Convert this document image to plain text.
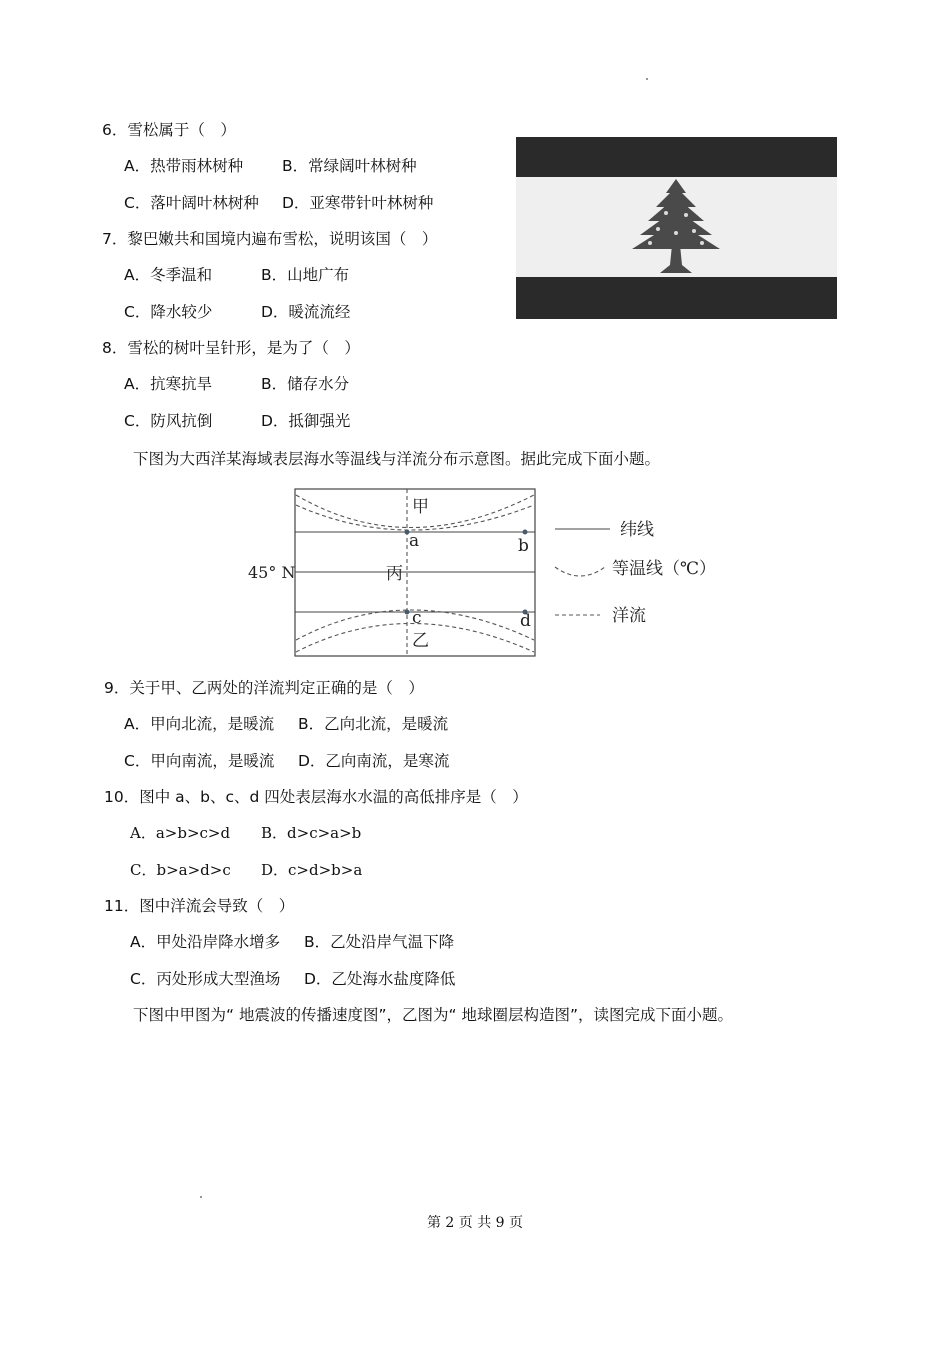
6．雪松属于（　）
A．热带雨林树种	B．常绿阔叶林树种
C．落叶阔叶林树种 D．亚寒带针叶林树种
7．黎巴嫩共和国境内遍布雪松，说明该国（　）
A．冬季温和	B．山地广布
C．降水较少	D．暖流流经
8．雪松的树叶呈针形，是为了（　）
A．抗寒抗旱	B．储存水分
C．防风抗倒	D．抵御强光
下图为大西洋某海域表层海水等温线与洋流分布示意图。据此完成下面小题。
甲
a	b
丙
c	d
乙
45° N
纬线
等温线（℃）
洋流
9．关于甲、乙两处的洋流判定正确的是（　）
A．甲向北流，是暖流 B．乙向北流，是暖流
C．甲向南流，是暖流 D．乙向南流，是寒流
10．图中 a、b、c、d 四处表层海水水温的高低排序是（　）
A．a>b>c>d B．d>c>a>b
C．b>a>d>c D．c>d>b>a
11．图中洋流会导致（　）
A．甲处沿岸降水增多 B．乙处沿岸气温下降
C．丙处形成大型渔场 D．乙处海水盐度降低
下图中甲图为“ 地震波的传播速度图”，乙图为“ 地球圈层构造图”，读图完成下面小题。
第 2 页 共 9 页
